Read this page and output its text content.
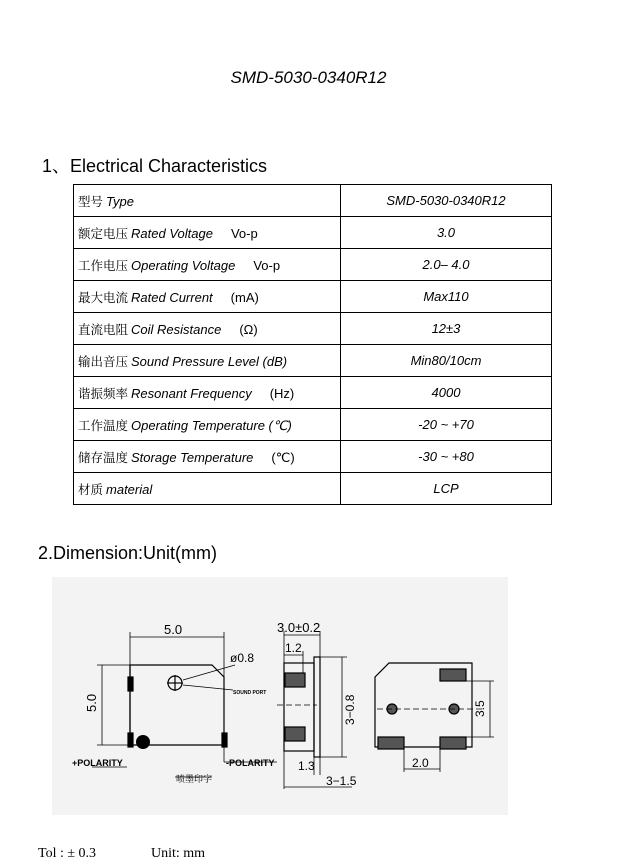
SMD-5030-0340R12
1、Electrical Characteristics
型号 Type	SMD-5030-0340R12
额定电压 Rated Voltage Vo-p	3.0
工作电压 Operating Voltage Vo-p	2.0– 4.0
最大电流 Rated Current (mA)	Max110
直流电阻 Coil Resistance (Ω)	12±3
输出音压 Sound Pressure Level (dB)	Min80/10cm
谐振频率 Resonant Frequency (Hz)	4000
工作温度 Operating Temperature (℃)	-20 ~ +70
储存温度 Storage Temperature (℃)	-30 ~ +80
材质 material	LCP
2.Dimension:Unit(mm)
5.0
5.0
ø0.8
SOUND PORT
+POLARITY	-POLARITY
喷墨印字
3.0±0.2
1.2
3−0.8
1.3
3−1.5
3.5
2.0
Tol : ± 0.3	Unit: mm
